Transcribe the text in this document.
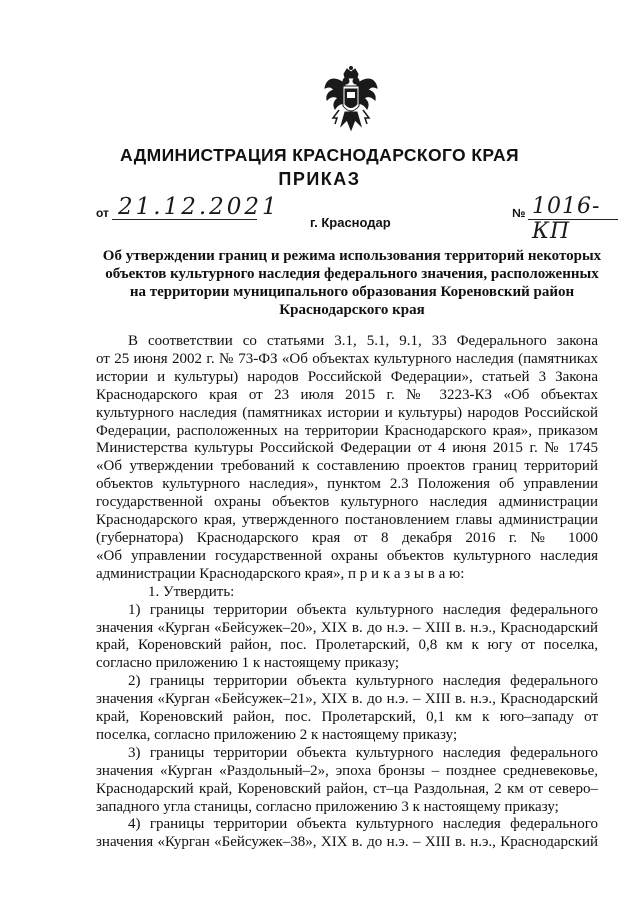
АДМИНИСТРАЦИЯ КРАСНОДАРСКОГО КРАЯ
ПРИКАЗ
от 21.12.2021
г. Краснодар
№ 1016-КП
Об утверждении границ и режима использования территорий некоторых
объектов культурного наследия федерального значения, расположенных
на территории муниципального образования Кореновский район
Краснодарского края
В соответствии со статьями 3.1, 5.1, 9.1, 33 Федерального закона
от 25 июня 2002 г. № 73-ФЗ «Об объектах культурного наследия (памятниках
истории и культуры) народов Российской Федерации», статьей 3 Закона
Краснодарского края от 23 июля 2015 г. № 3223-КЗ «Об объектах
культурного наследия (памятниках истории и культуры) народов Российской
Федерации, расположенных на территории Краснодарского края», приказом
Министерства культуры Российской Федерации от 4 июня 2015 г. № 1745
«Об утверждении требований к составлению проектов границ территорий
объектов культурного наследия», пунктом 2.3 Положения об управлении
государственной охраны объектов культурного наследия администрации
Краснодарского края, утвержденного постановлением главы администрации
(губернатора) Краснодарского края от 8 декабря 2016 г. № 1000
«Об управлении государственной охраны объектов культурного наследия
администрации Краснодарского края», п р и к а з ы в а ю:
1. Утвердить:
1) границы территории объекта культурного наследия федерального
значения «Курган «Бейсужек–20», XIX в. до н.э. – XIII в. н.э., Краснодарский
край, Кореновский район, пос. Пролетарский, 0,8 км к югу от поселка,
согласно приложению 1 к настоящему приказу;
2) границы территории объекта культурного наследия федерального
значения «Курган «Бейсужек–21», XIX в. до н.э. – XIII в. н.э., Краснодарский
край, Кореновский район, пос. Пролетарский, 0,1 км к юго–западу от
поселка, согласно приложению 2 к настоящему приказу;
3) границы территории объекта культурного наследия федерального
значения «Курган «Раздольный–2», эпоха бронзы – позднее средневековье,
Краснодарский край, Кореновский район, ст–ца Раздольная, 2 км от северо–
западного угла станицы, согласно приложению 3 к настоящему приказу;
4) границы территории объекта культурного наследия федерального
значения «Курган «Бейсужек–38», XIX в. до н.э. – XIII в. н.э., Краснодарский
